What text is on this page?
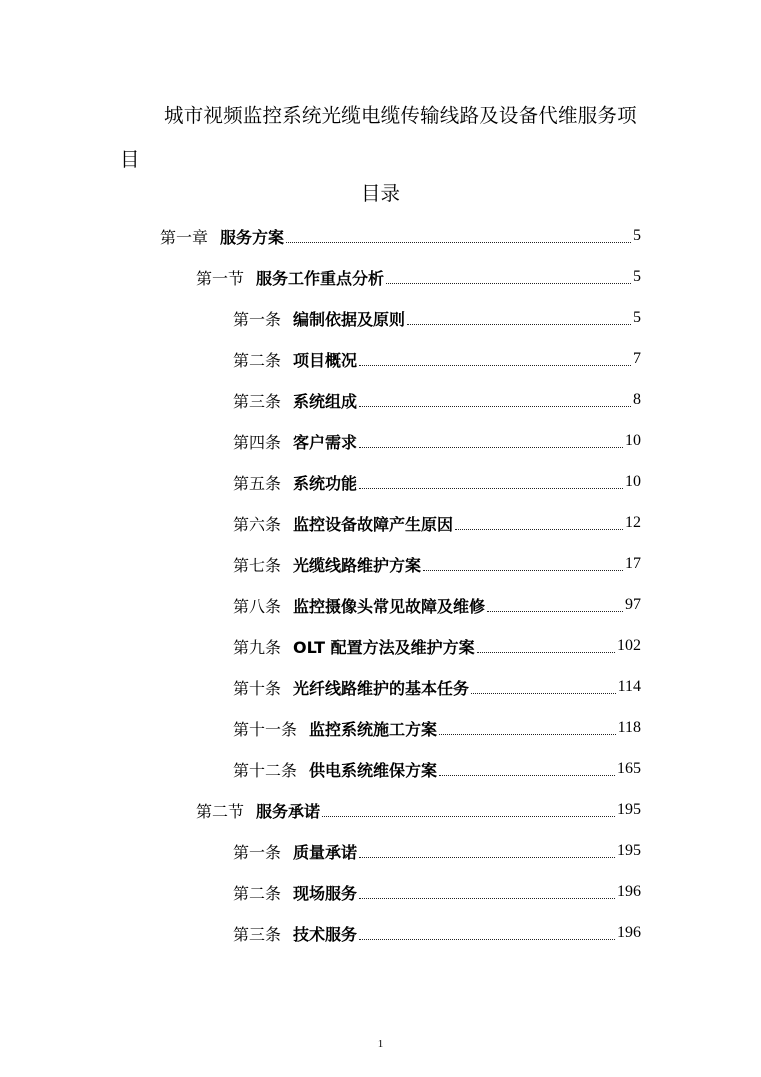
城市视频监控系统光缆电缆传输线路及设备代维服务项目
目录
第一章 服务方案	5
第一节 服务工作重点分析	5
第一条 编制依据及原则	5
第二条 项目概况	7
第三条 系统组成	8
第四条 客户需求	10
第五条 系统功能	10
第六条 监控设备故障产生原因	12
第七条 光缆线路维护方案	17
第八条 监控摄像头常见故障及维修	97
第九条 OLT 配置方法及维护方案	102
第十条 光纤线路维护的基本任务	114
第十一条 监控系统施工方案	118
第十二条 供电系统维保方案	165
第二节 服务承诺	195
第一条 质量承诺	195
第二条 现场服务	196
第三条 技术服务	196
1
